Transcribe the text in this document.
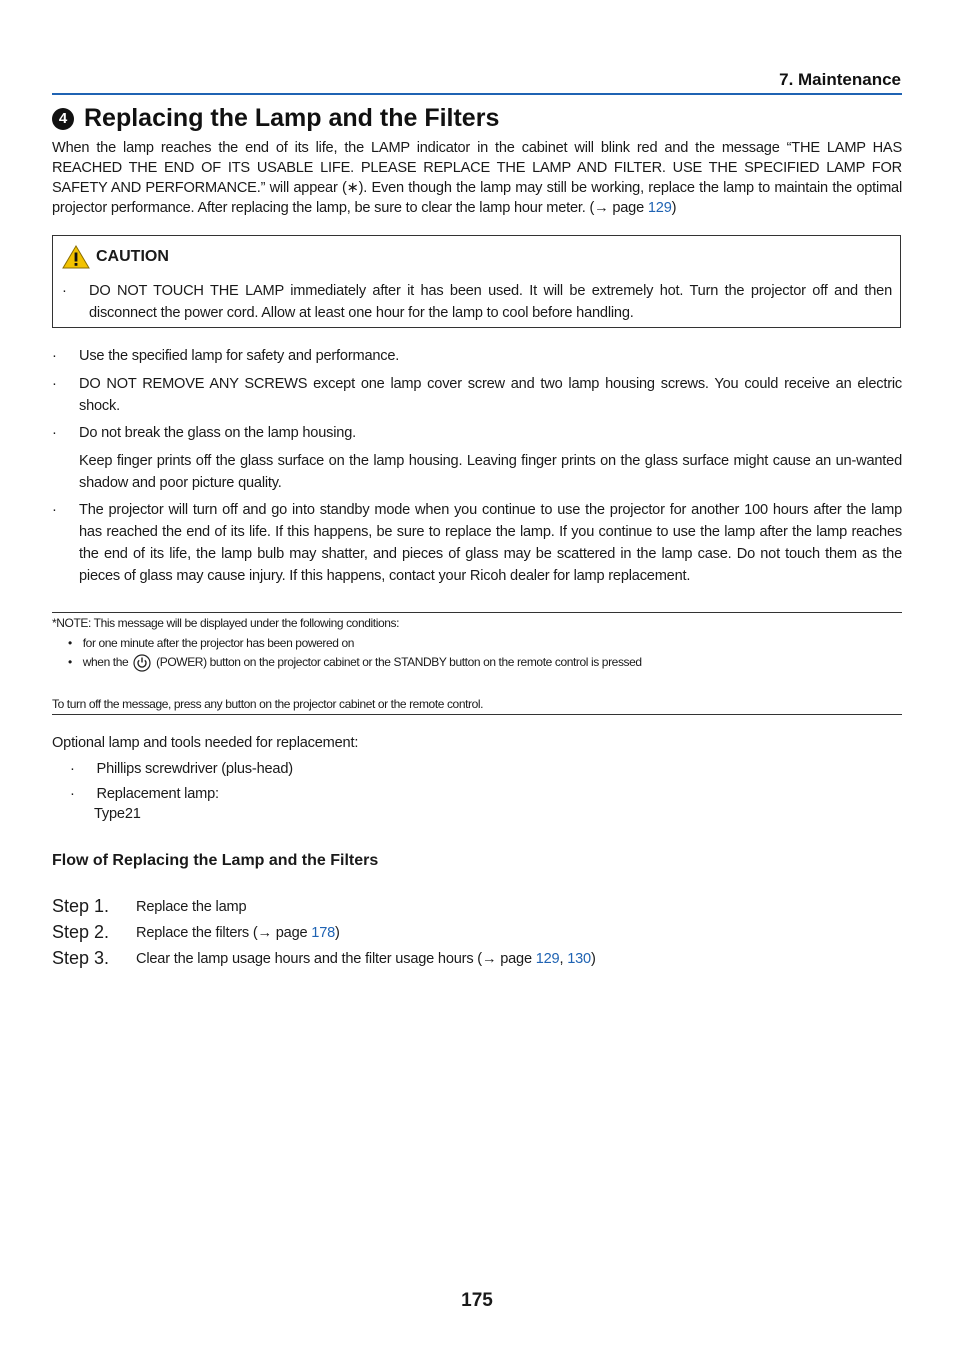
7. Maintenance
4 Replacing the Lamp and the Filters
When the lamp reaches the end of its life, the LAMP indicator in the cabinet will blink red and the message “THE LAMP HAS REACHED THE END OF ITS USABLE LIFE. PLEASE REPLACE THE LAMP AND FILTER. USE THE SPECIFIED LAMP FOR SAFETY AND PERFORMANCE.” will appear (∗). Even though the lamp may still be working, replace the lamp to maintain the optimal projector performance. After replacing the lamp, be sure to clear the lamp hour meter. (→ page 129)
CAUTION
· DO NOT TOUCH THE LAMP immediately after it has been used. It will be extremely hot. Turn the projector off and then disconnect the power cord. Allow at least one hour for the lamp to cool before handling.
· Use the specified lamp for safety and performance.
· DO NOT REMOVE ANY SCREWS except one lamp cover screw and two lamp housing screws. You could receive an electric shock.
· Do not break the glass on the lamp housing.
Keep finger prints off the glass surface on the lamp housing. Leaving finger prints on the glass surface might cause an un-wanted shadow and poor picture quality.
· The projector will turn off and go into standby mode when you continue to use the projector for another 100 hours after the lamp has reached the end of its life. If this happens, be sure to replace the lamp. If you continue to use the lamp after the lamp reaches the end of its life, the lamp bulb may shatter, and pieces of glass may be scattered in the lamp case. Do not touch them as the pieces of glass may cause injury. If this happens, contact your Ricoh dealer for lamp replacement.
*NOTE: This message will be displayed under the following conditions:
• for one minute after the projector has been powered on
• when the (POWER) button on the projector cabinet or the STANDBY button on the remote control is pressed
To turn off the message, press any button on the projector cabinet or the remote control.
Optional lamp and tools needed for replacement:
· Phillips screwdriver (plus-head)
· Replacement lamp:
Type21
Flow of Replacing the Lamp and the Filters
Step 1. Replace the lamp
Step 2. Replace the filters (→ page 178)
Step 3. Clear the lamp usage hours and the filter usage hours (→ page 129, 130)
175
